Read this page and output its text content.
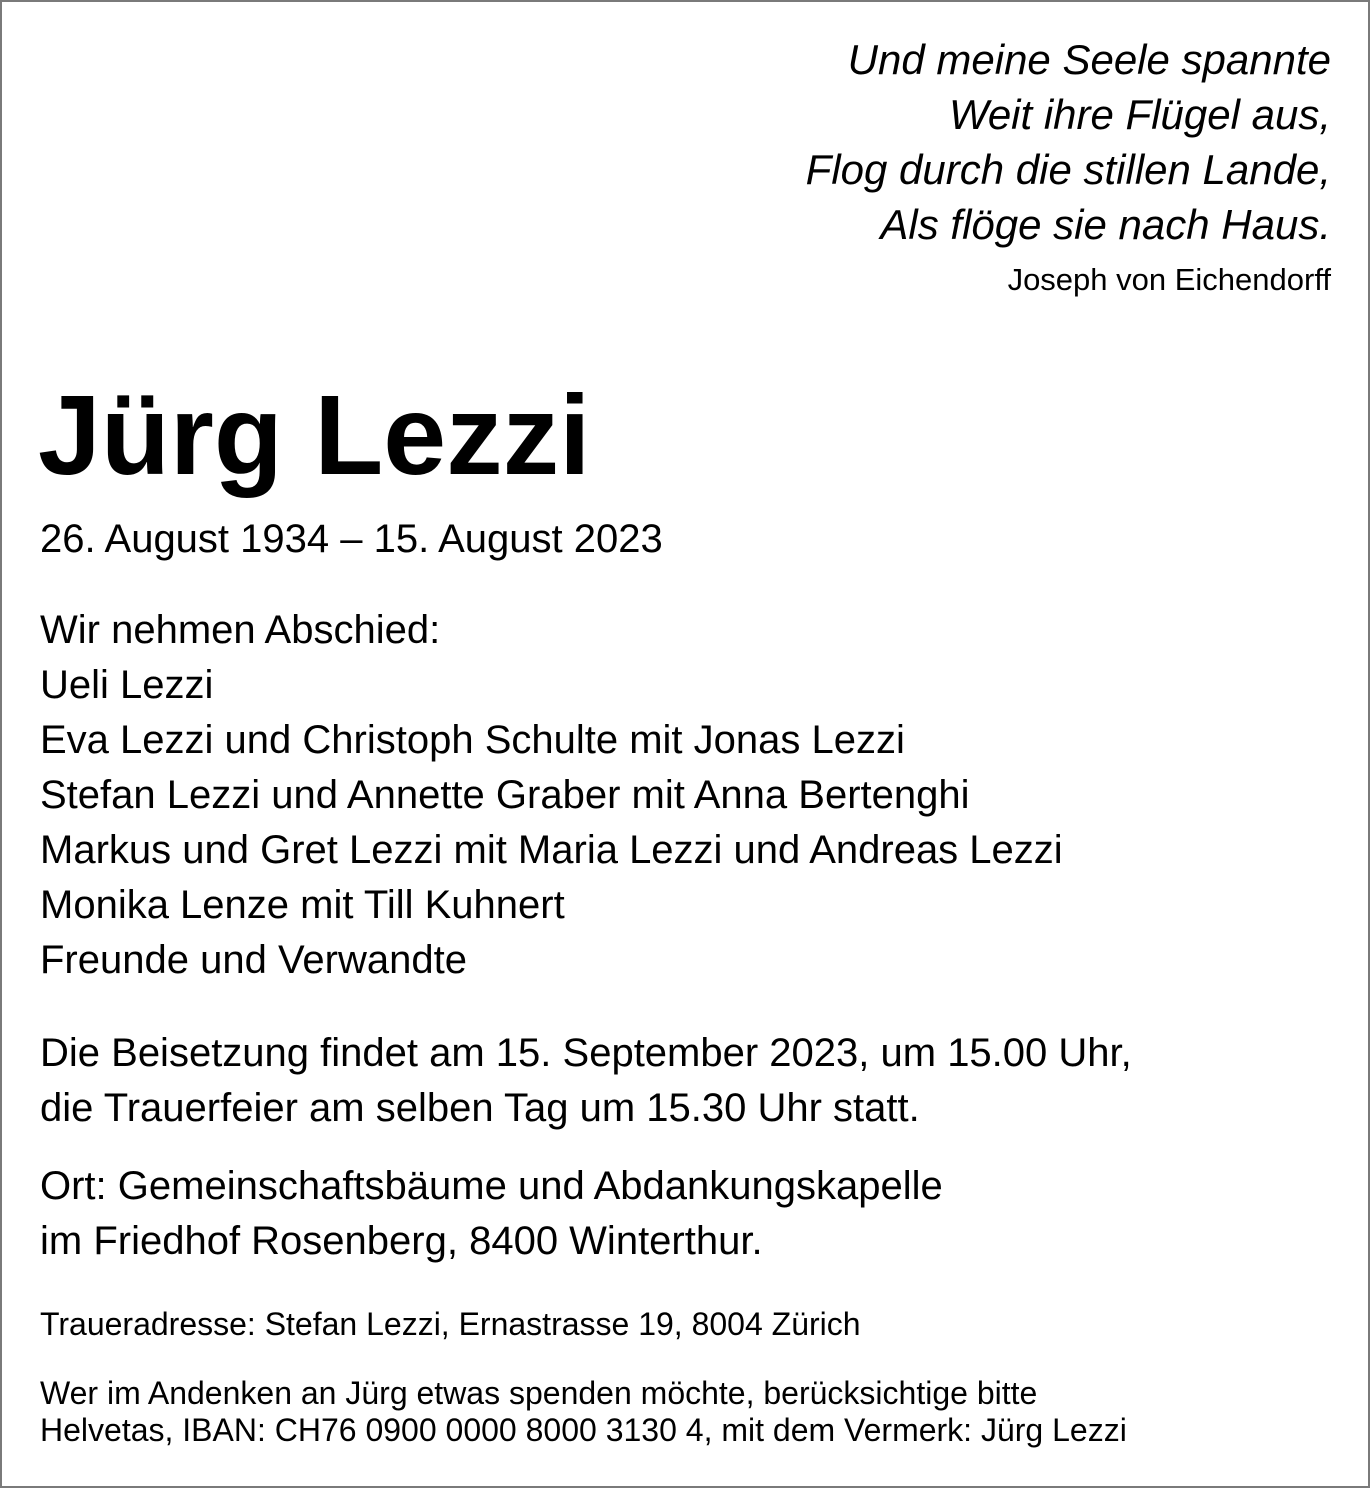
Und meine Seele spannte
Weit ihre Flügel aus,
Flog durch die stillen Lande,
Als flöge sie nach Haus.
Joseph von Eichendorff
Jürg Lezzi
26. August 1934 – 15. August 2023
Wir nehmen Abschied:
Ueli Lezzi
Eva Lezzi und Christoph Schulte mit Jonas Lezzi
Stefan Lezzi und Annette Graber mit Anna Bertenghi
Markus und Gret Lezzi mit Maria Lezzi und Andreas Lezzi
Monika Lenze mit Till Kuhnert
Freunde und Verwandte
Die Beisetzung findet am 15. September 2023, um 15.00 Uhr,
die Trauerfeier am selben Tag um 15.30 Uhr statt.
Ort: Gemeinschaftsbäume und Abdankungskapelle
im Friedhof Rosenberg, 8400 Winterthur.
Traueradresse: Stefan Lezzi, Ernastrasse 19, 8004 Zürich
Wer im Andenken an Jürg etwas spenden möchte, berücksichtige bitte
Helvetas, IBAN: CH76 0900 0000 8000 3130 4, mit dem Vermerk: Jürg Lezzi
